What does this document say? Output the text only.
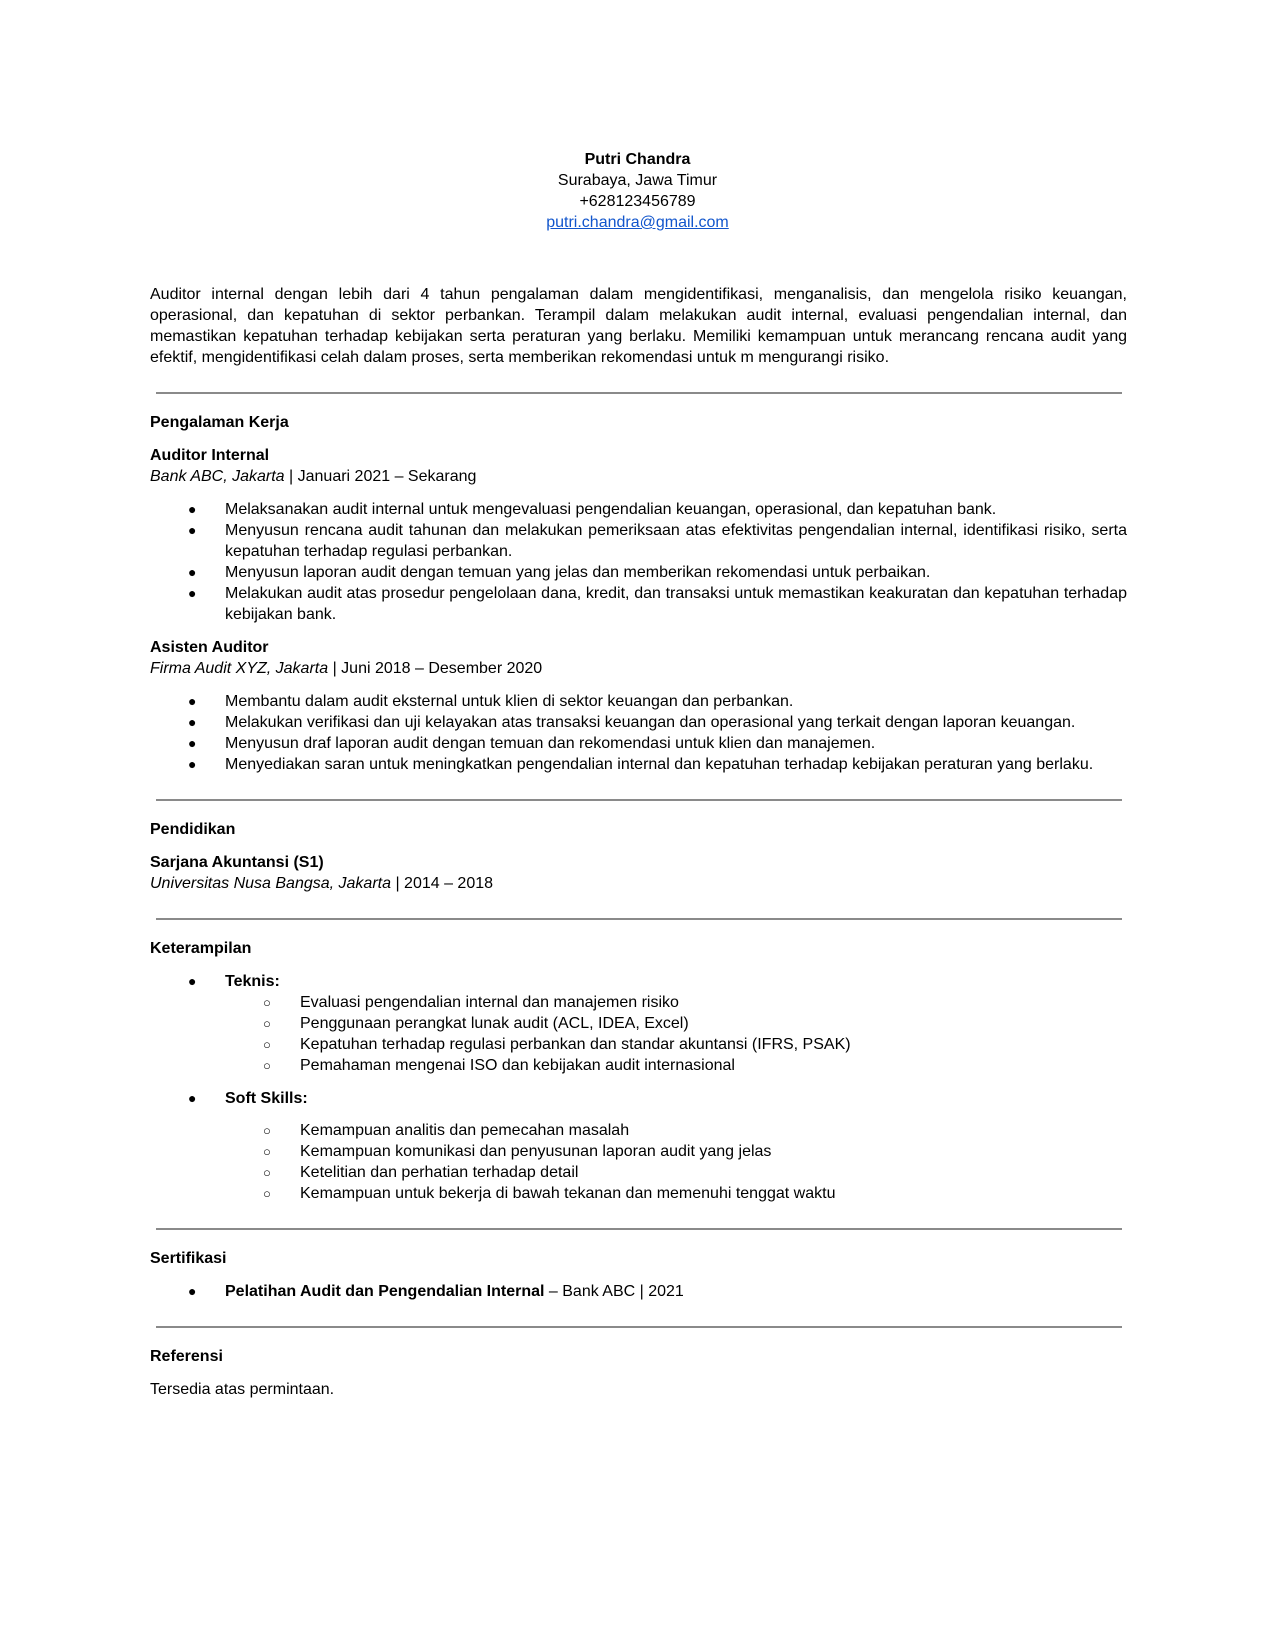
Putri Chandra
Surabaya, Jawa Timur
+628123456789
putri.chandra@gmail.com

Auditor internal dengan lebih dari 4 tahun pengalaman dalam mengidentifikasi, menganalisis, dan mengelola risiko keuangan, operasional, dan kepatuhan di sektor perbankan. Terampil dalam melakukan audit internal, evaluasi pengendalian internal, dan memastikan kepatuhan terhadap kebijakan serta peraturan yang berlaku. Memiliki kemampuan untuk merancang rencana audit yang efektif, mengidentifikasi celah dalam proses, serta memberikan rekomendasi untuk m mengurangi risiko.

Pengalaman Kerja

Auditor Internal

Bank ABC, Jakarta | Januari 2021 – Sekarang

● Melaksanakan audit internal untuk mengevaluasi pengendalian keuangan, operasional, dan kepatuhan bank.
● Menyusun rencana audit tahunan dan melakukan pemeriksaan atas efektivitas pengendalian internal, identifikasi risiko, serta kepatuhan terhadap regulasi perbankan.
● Menyusun laporan audit dengan temuan yang jelas dan memberikan rekomendasi untuk perbaikan.
● Melakukan audit atas prosedur pengelolaan dana, kredit, dan transaksi untuk memastikan keakuratan dan kepatuhan terhadap kebijakan bank.

Asisten Auditor

Firma Audit XYZ, Jakarta | Juni 2018 – Desember 2020

● Membantu dalam audit eksternal untuk klien di sektor keuangan dan perbankan.
● Melakukan verifikasi dan uji kelayakan atas transaksi keuangan dan operasional yang terkait dengan laporan keuangan.
● Menyusun draf laporan audit dengan temuan dan rekomendasi untuk klien dan manajemen.
● Menyediakan saran untuk meningkatkan pengendalian internal dan kepatuhan terhadap kebijakan peraturan yang berlaku.

Pendidikan

Sarjana Akuntansi (S1)

Universitas Nusa Bangsa, Jakarta | 2014 – 2018

Keterampilan

● Teknis:
○ Evaluasi pengendalian internal dan manajemen risiko
○ Penggunaan perangkat lunak audit (ACL, IDEA, Excel)
○ Kepatuhan terhadap regulasi perbankan dan standar akuntansi (IFRS, PSAK)
○ Pemahaman mengenai ISO dan kebijakan audit internasional
● Soft Skills:
○ Kemampuan analitis dan pemecahan masalah
○ Kemampuan komunikasi dan penyusunan laporan audit yang jelas
○ Ketelitian dan perhatian terhadap detail
○ Kemampuan untuk bekerja di bawah tekanan dan memenuhi tenggat waktu

Sertifikasi

● Pelatihan Audit dan Pengendalian Internal – Bank ABC | 2021

Referensi

Tersedia atas permintaan.
